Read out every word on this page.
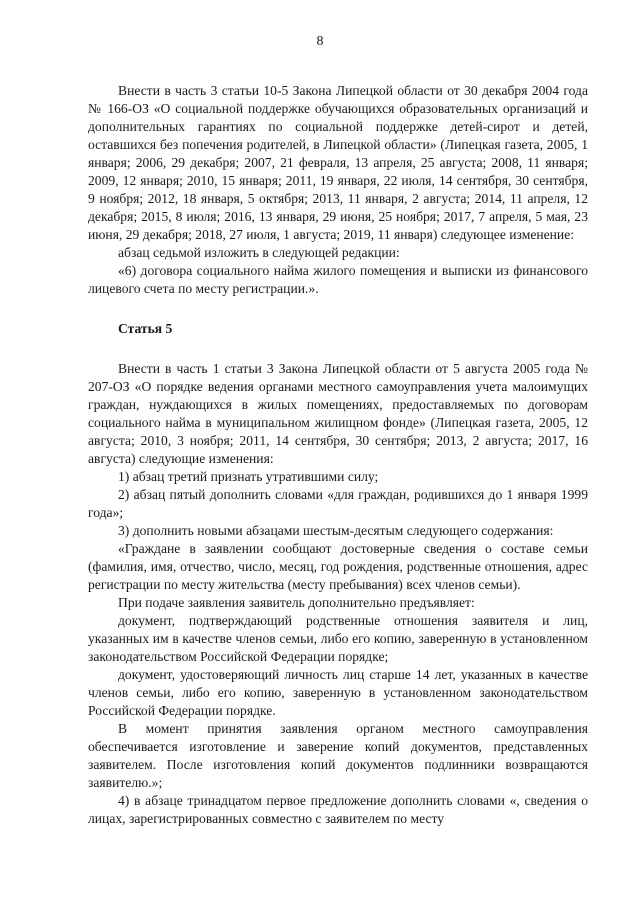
8

Внести в часть 3 статьи 10-5 Закона Липецкой области от 30 декабря 2004 года № 166-ОЗ «О социальной поддержке обучающихся образовательных организаций и дополнительных гарантиях по социальной поддержке детей-сирот и детей, оставшихся без попечения родителей, в Липецкой области» (Липецкая газета, 2005, 1 января; 2006, 29 декабря; 2007, 21 февраля, 13 апреля, 25 августа; 2008, 11 января; 2009, 12 января; 2010, 15 января; 2011, 19 января, 22 июля, 14 сентября, 30 сентября, 9 ноября; 2012, 18 января, 5 октября; 2013, 11 января, 2 августа; 2014, 11 апреля, 12 декабря; 2015, 8 июля; 2016, 13 января, 29 июня, 25 ноября; 2017, 7 апреля, 5 мая, 23 июня, 29 декабря; 2018, 27 июля, 1 августа; 2019, 11 января) следующее изменение:

абзац седьмой изложить в следующей редакции:

«6) договора социального найма жилого помещения и выписки из финансового лицевого счета по месту регистрации.».

Статья 5

Внести в часть 1 статьи 3 Закона Липецкой области от 5 августа 2005 года № 207-ОЗ «О порядке ведения органами местного самоуправления учета малоимущих граждан, нуждающихся в жилых помещениях, предоставляемых по договорам социального найма в муниципальном жилищном фонде» (Липецкая газета, 2005, 12 августа; 2010, 3 ноября; 2011, 14 сентября, 30 сентября; 2013, 2 августа; 2017, 16 августа) следующие изменения:

1) абзац третий признать утратившими силу;

2) абзац пятый дополнить словами «для граждан, родившихся до 1 января 1999 года»;

3) дополнить новыми абзацами шестым-десятым следующего содержания:

«Граждане в заявлении сообщают достоверные сведения о составе семьи (фамилия, имя, отчество, число, месяц, год рождения, родственные отношения, адрес регистрации по месту жительства (месту пребывания) всех членов семьи).

При подаче заявления заявитель дополнительно предъявляет:

документ, подтверждающий родственные отношения заявителя и лиц, указанных им в качестве членов семьи, либо его копию, заверенную в установленном законодательством Российской Федерации порядке;

документ, удостоверяющий личность лиц старше 14 лет, указанных в качестве членов семьи, либо его копию, заверенную в установленном законодательством Российской Федерации порядке.

В момент принятия заявления органом местного самоуправления обеспечивается изготовление и заверение копий документов, представленных заявителем. После изготовления копий документов подлинники возвращаются заявителю.»;

4) в абзаце тринадцатом первое предложение дополнить словами «, сведения о лицах, зарегистрированных совместно с заявителем по месту
